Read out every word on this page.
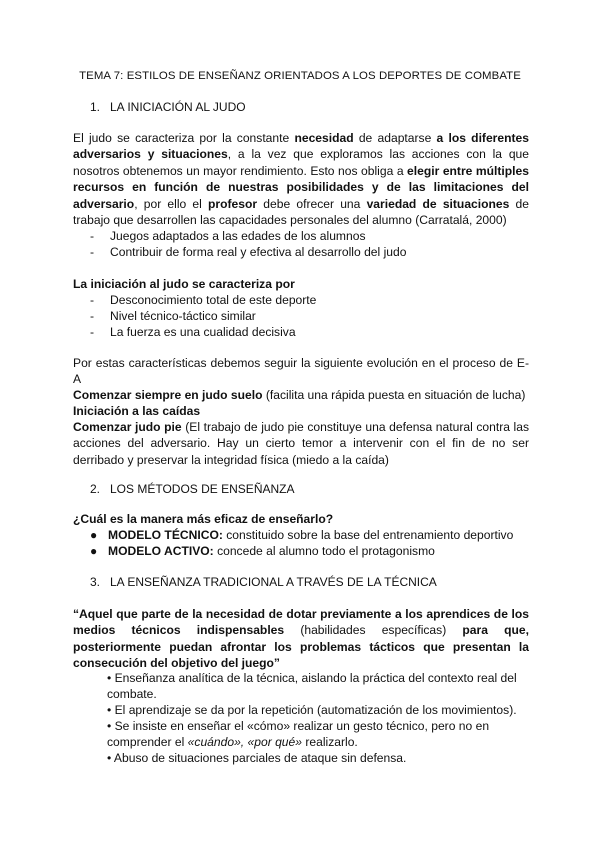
TEMA 7: ESTILOS DE ENSEÑANZ ORIENTADOS A LOS DEPORTES DE COMBATE
1. LA INICIACIÓN AL JUDO
El judo se caracteriza por la constante necesidad de adaptarse a los diferentes adversarios y situaciones, a la vez que exploramos las acciones con la que nosotros obtenemos un mayor rendimiento. Esto nos obliga a elegir entre múltiples recursos en función de nuestras posibilidades y de las limitaciones del adversario, por ello el profesor debe ofrecer una variedad de situaciones de trabajo que desarrollen las capacidades personales del alumno (Carratalá, 2000)
- Juegos adaptados a las edades de los alumnos
- Contribuir de forma real y efectiva al desarrollo del judo
La iniciación al judo se caracteriza por
- Desconocimiento total de este deporte
- Nivel técnico-táctico similar
- La fuerza es una cualidad decisiva
Por estas características debemos seguir la siguiente evolución en el proceso de E-A
Comenzar siempre en judo suelo (facilita una rápida puesta en situación de lucha)
Iniciación a las caídas
Comenzar judo pie (El trabajo de judo pie constituye una defensa natural contra las acciones del adversario. Hay un cierto temor a intervenir con el fin de no ser derribado y preservar la integridad física (miedo a la caída)
2. LOS MÉTODOS DE ENSEÑANZA
¿Cuál es la manera más eficaz de enseñarlo?
● MODELO TÉCNICO: constituido sobre la base del entrenamiento deportivo
● MODELO ACTIVO: concede al alumno todo el protagonismo
3. LA ENSEÑANZA TRADICIONAL A TRAVÉS DE LA TÉCNICA
“Aquel que parte de la necesidad de dotar previamente a los aprendices de los medios técnicos indispensables (habilidades específicas) para que, posteriormente puedan afrontar los problemas tácticos que presentan la consecución del objetivo del juego”
• Enseñanza analítica de la técnica, aislando la práctica del contexto real del combate.
• El aprendizaje se da por la repetición (automatización de los movimientos).
• Se insiste en enseñar el «cómo» realizar un gesto técnico, pero no en comprender el «cuándo», «por qué» realizarlo.
• Abuso de situaciones parciales de ataque sin defensa.
